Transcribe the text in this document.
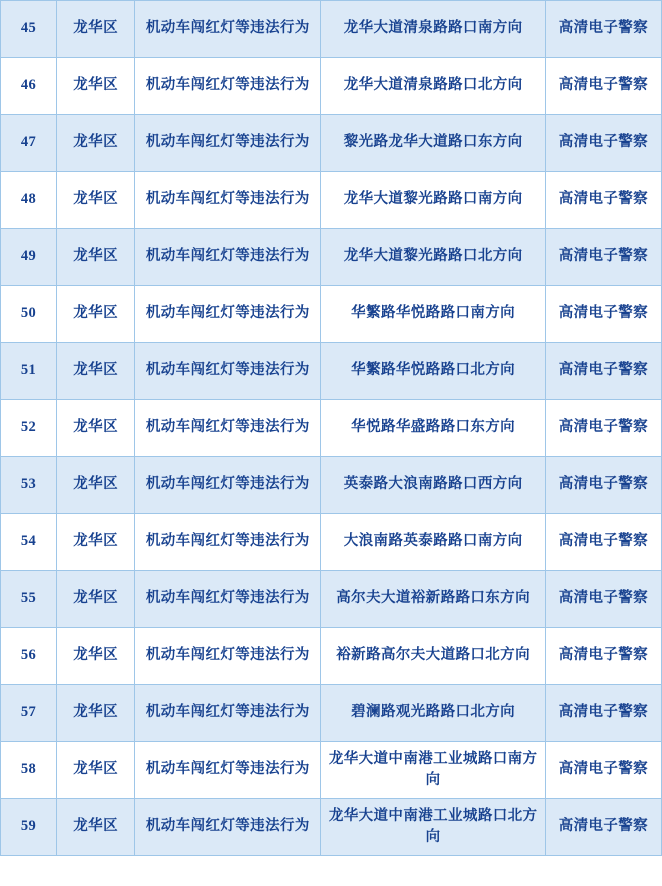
45	龙华区	机动车闯红灯等违法行为	龙华大道清泉路路口南方向	高清电子警察

46	龙华区	机动车闯红灯等违法行为	龙华大道清泉路路口北方向	高清电子警察

47	龙华区	机动车闯红灯等违法行为	黎光路龙华大道路口东方向	高清电子警察

48	龙华区	机动车闯红灯等违法行为	龙华大道黎光路路口南方向	高清电子警察

49	龙华区	机动车闯红灯等违法行为	龙华大道黎光路路口北方向	高清电子警察

50	龙华区	机动车闯红灯等违法行为	华繁路华悦路路口南方向	高清电子警察

51	龙华区	机动车闯红灯等违法行为	华繁路华悦路路口北方向	高清电子警察

52	龙华区	机动车闯红灯等违法行为	华悦路华盛路路口东方向	高清电子警察

53	龙华区	机动车闯红灯等违法行为	英泰路大浪南路路口西方向	高清电子警察

54	龙华区	机动车闯红灯等违法行为	大浪南路英泰路路口南方向	高清电子警察

55	龙华区	机动车闯红灯等违法行为	高尔夫大道裕新路路口东方向	高清电子警察

56	龙华区	机动车闯红灯等违法行为	裕新路高尔夫大道路口北方向	高清电子警察

57	龙华区	机动车闯红灯等违法行为	碧澜路观光路路口北方向	高清电子警察

58	龙华区	机动车闯红灯等违法行为	龙华大道中南港工业城路口南方向	高清电子警察

59	龙华区	机动车闯红灯等违法行为	龙华大道中南港工业城路口北方向	高清电子警察
